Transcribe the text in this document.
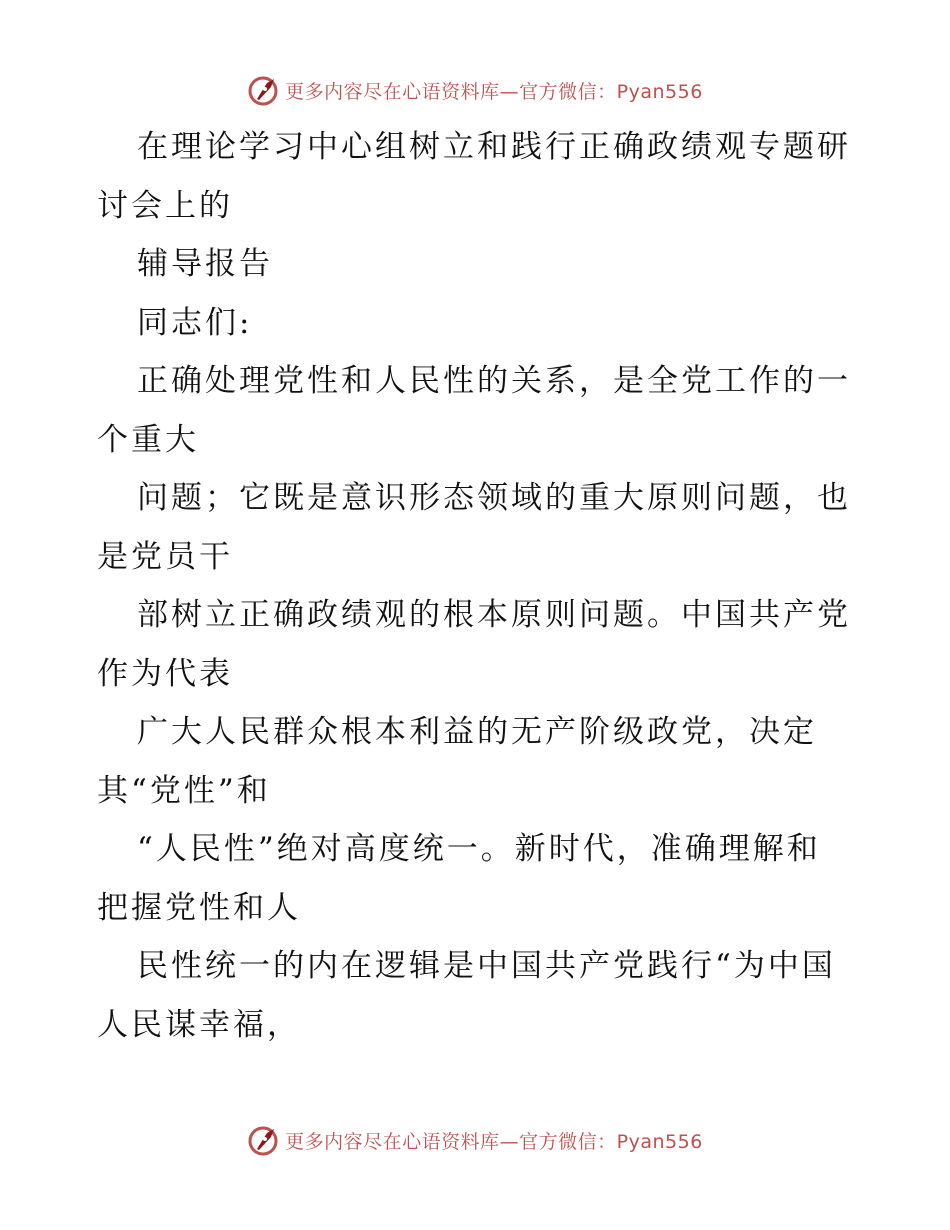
更多内容尽在心语资料库—官方微信：Pyan556
在理论学习中心组树立和践行正确政绩观专题研
讨会上的
辅导报告
同志们:
正确处理党性和人民性的关系，是全党工作的一
个重大
问题；它既是意识形态领域的重大原则问题，也
是党员干
部树立正确政绩观的根本原则问题。中国共产党
作为代表
广大人民群众根本利益的无产阶级政党，决定
其“党性”和
“人民性”绝对高度统一。新时代，准确理解和
把握党性和人
民性统一的内在逻辑是中国共产党践行“为中国
人民谋幸福，
更多内容尽在心语资料库—官方微信：Pyan556
